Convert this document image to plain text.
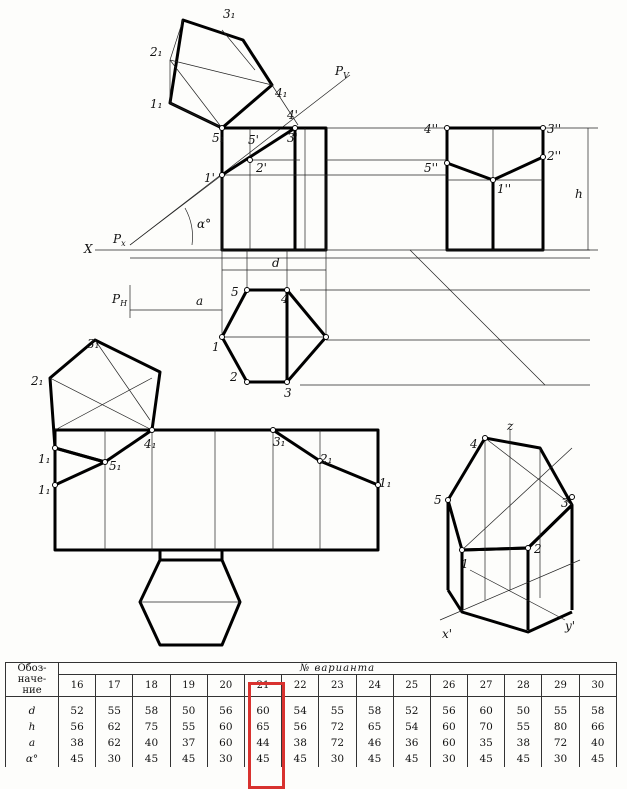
X
$P_V$
$P_x$
$P_H$
α°
d
a
h
z
x'
y'
3₁
2₁
4₁
1₁
5₁
4'
3'
5'
2'
1'
4''	3''
2''
5''
1''
5	4
1
2
3
3₁
2₁
1₁
1₁
5₁
4₁	3₁
2₁
1₁
4
5	3
2
1
Обоз-
наче-
ние	№ варианта														
	16	17	18	19	20	21	22	23	24	25	26	27	28	29	30
d	52	55	58	50	56	60	54	55	58	52	56	60	50	55	58
h	56	62	75	55	60	65	56	72	65	54	60	70	55	80	66
a	38	62	40	37	60	44	38	72	46	36	60	35	38	72	40
α°	45	30	45	45	30	45	45	30	45	45	30	45	45	30	45
